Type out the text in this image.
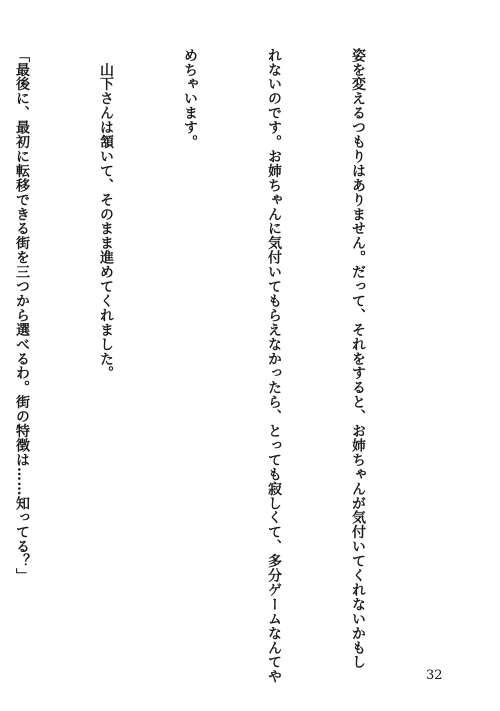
姿を変えるつもりはありません。だって、それをすると、お姉ちゃんが気付いてくれないかもし

れないのです。お姉ちゃんに気付いてもらえなかったら、とっても寂しくて、多分ゲームなんてや

めちゃいます。

　山下さんは頷いて、そのまま進めてくれました。

「最後に、最初に転移できる街を三つから選べるわ。街の特徴は……知ってる？」

32
